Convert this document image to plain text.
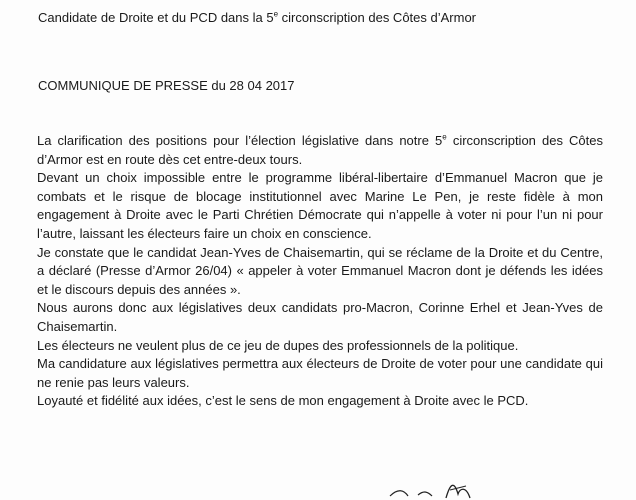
Candidate de Droite et du PCD dans la 5e circonscription des Côtes d’Armor
COMMUNIQUE DE PRESSE du 28 04 2017

La clarification des positions pour l’élection législative dans notre 5e circonscription des Côtes d’Armor est en route dès cet entre-deux tours.

Devant un choix impossible entre le programme libéral-libertaire d’Emmanuel Macron que je combats et le risque de blocage institutionnel avec Marine Le Pen, je reste fidèle à mon engagement à Droite avec le Parti Chrétien Démocrate qui n’appelle à voter ni pour l’un ni pour l’autre, laissant les électeurs faire un choix en conscience.

Je constate que le candidat Jean-Yves de Chaisemartin, qui se réclame de la Droite et du Centre, a déclaré (Presse d’Armor 26/04) « appeler à voter Emmanuel Macron dont je défends les idées et le discours depuis des années ».

Nous aurons donc aux législatives deux candidats pro-Macron, Corinne Erhel et Jean-Yves de Chaisemartin.

Les électeurs ne veulent plus de ce jeu de dupes des professionnels de la politique.

Ma candidature aux législatives permettra aux électeurs de Droite de voter pour une candidate qui ne renie pas leurs valeurs.

Loyauté et fidélité aux idées, c’est le sens de mon engagement à Droite avec le PCD.
